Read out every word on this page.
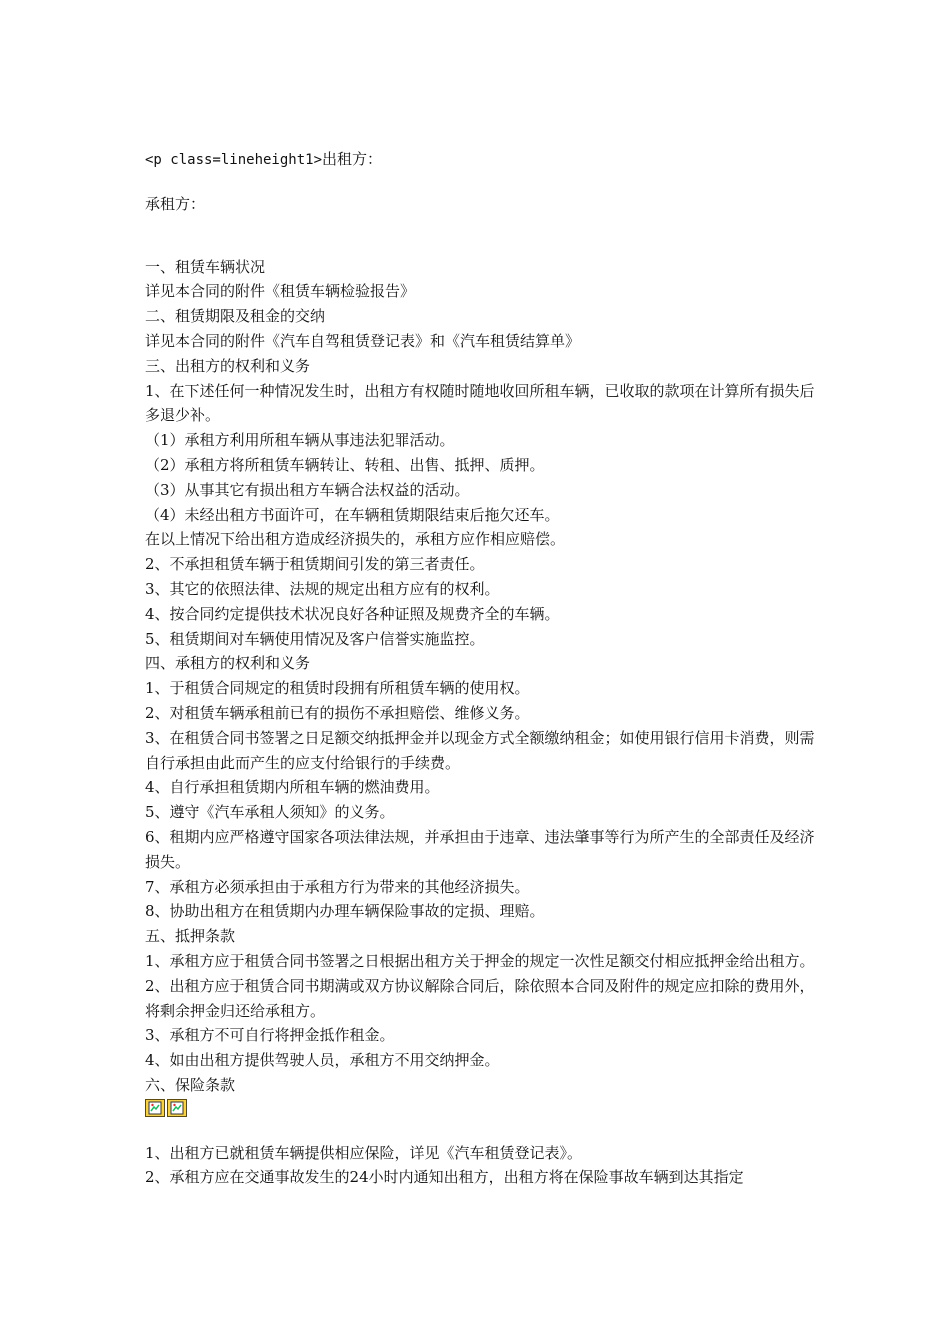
<p class=lineheight1>出租方：
承租方：
一、租赁车辆状况
详见本合同的附件《租赁车辆检验报告》
二、租赁期限及租金的交纳
详见本合同的附件《汽车自驾租赁登记表》和《汽车租赁结算单》
三、出租方的权利和义务
1、在下述任何一种情况发生时，出租方有权随时随地收回所租车辆，已收取的款项在计算所有损失后多退少补。
（1）承租方利用所租车辆从事违法犯罪活动。
（2）承租方将所租赁车辆转让、转租、出售、抵押、质押。
（3）从事其它有损出租方车辆合法权益的活动。
（4）未经出租方书面许可，在车辆租赁期限结束后拖欠还车。
在以上情况下给出租方造成经济损失的，承租方应作相应赔偿。
2、不承担租赁车辆于租赁期间引发的第三者责任。
3、其它的依照法律、法规的规定出租方应有的权利。
4、按合同约定提供技术状况良好各种证照及规费齐全的车辆。
5、租赁期间对车辆使用情况及客户信誉实施监控。
四、承租方的权利和义务
1、于租赁合同规定的租赁时段拥有所租赁车辆的使用权。
2、对租赁车辆承租前已有的损伤不承担赔偿、维修义务。
3、在租赁合同书签署之日足额交纳抵押金并以现金方式全额缴纳租金；如使用银行信用卡消费，则需自行承担由此而产生的应支付给银行的手续费。
4、自行承担租赁期内所租车辆的燃油费用。
5、遵守《汽车承租人须知》的义务。
6、租期内应严格遵守国家各项法律法规，并承担由于违章、违法肇事等行为所产生的全部责任及经济损失。
7、承租方必须承担由于承租方行为带来的其他经济损失。
8、协助出租方在租赁期内办理车辆保险事故的定损、理赔。
五、抵押条款
1、承租方应于租赁合同书签署之日根据出租方关于押金的规定一次性足额交付相应抵押金给出租方。
2、出租方应于租赁合同书期满或双方协议解除合同后，除依照本合同及附件的规定应扣除的费用外，将剩余押金归还给承租方。
3、承租方不可自行将押金抵作租金。
4、如由出租方提供驾驶人员，承租方不用交纳押金。
六、保险条款
1、出租方已就租赁车辆提供相应保险，详见《汽车租赁登记表》。
2、承租方应在交通事故发生的24小时内通知出租方，出租方将在保险事故车辆到达其指定
